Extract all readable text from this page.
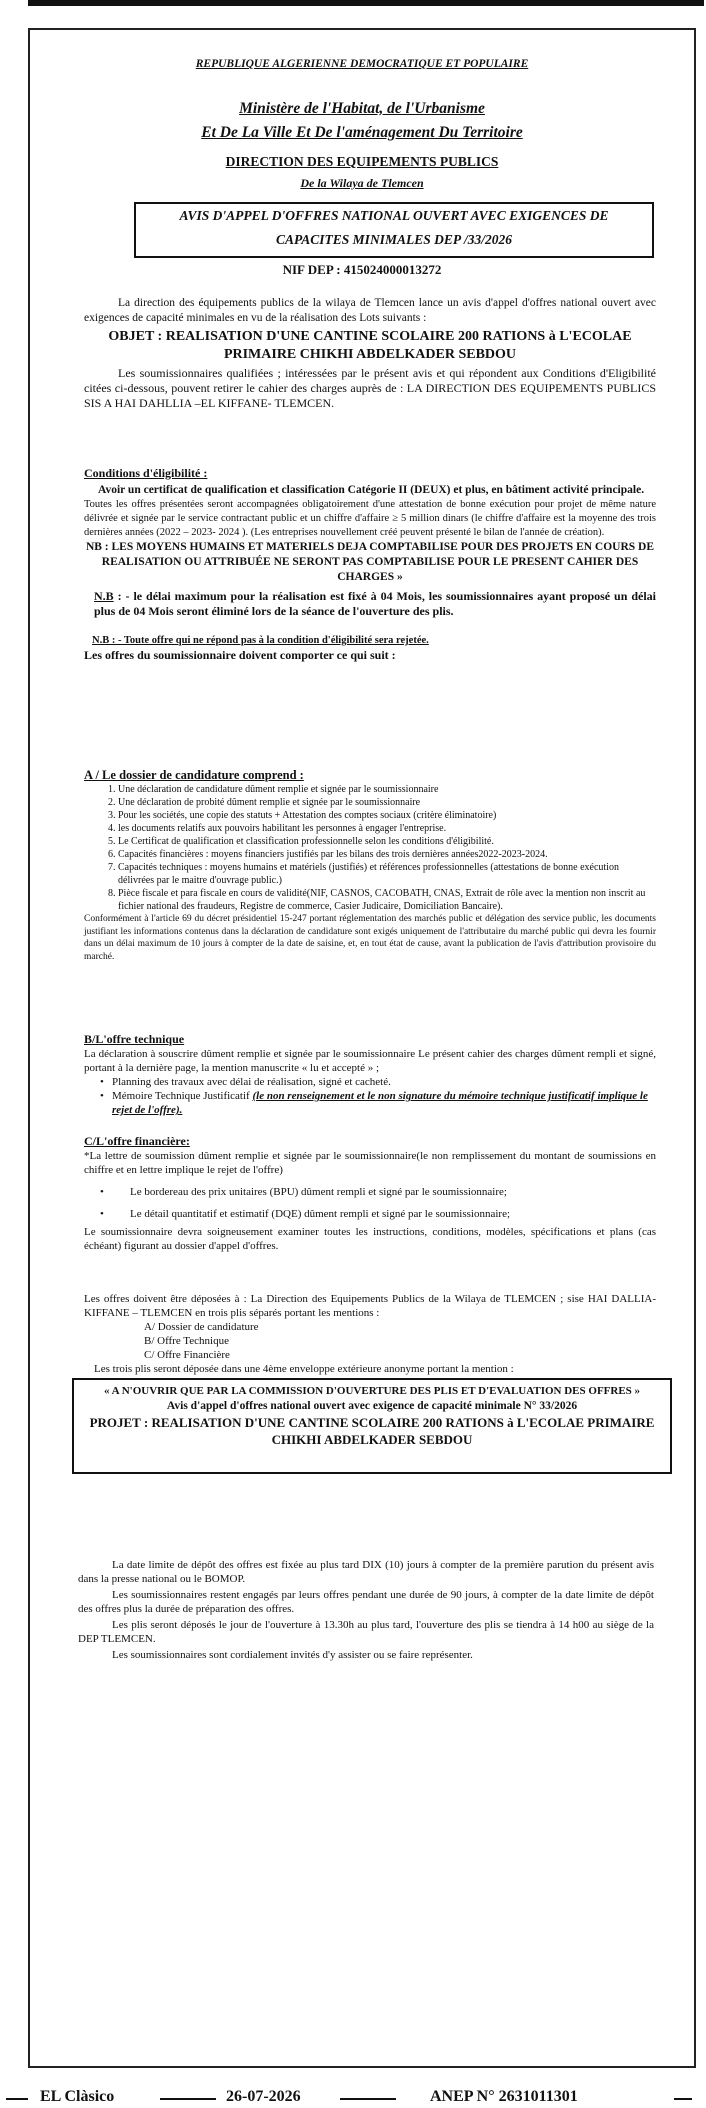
REPUBLIQUE ALGERIENNE DEMOCRATIQUE ET POPULAIRE
Ministère de l'Habitat, de l'Urbanisme
Et De La Ville Et De l'aménagement Du Territoire
DIRECTION DES EQUIPEMENTS PUBLICS
De la Wilaya de Tlemcen
AVIS D'APPEL D'OFFRES NATIONAL OUVERT AVEC EXIGENCES DE
CAPACITES MINIMALES DEP /33/2026
NIF DEP : 415024000013272
La direction des équipements publics de la wilaya de Tlemcen lance un avis d'appel d'offres national ouvert avec exigences de capacité minimales en vu de la réalisation des Lots suivants :
OBJET : REALISATION D'UNE CANTINE SCOLAIRE 200 RATIONS à L'ECOLAE PRIMAIRE CHIKHI ABDELKADER SEBDOU
Les soumissionnaires qualifiées ; intéressées par le présent avis et qui répondent aux Conditions d'Eligibilité citées ci-dessous, pouvent retirer le cahier des charges auprès de : LA DIRECTION DES EQUIPEMENTS PUBLICS SIS A HAI DAHLLIA –EL KIFFANE- TLEMCEN.
Conditions d'éligibilité :
Avoir un certificat de qualification et classification Catégorie II (DEUX) et plus, en bâtiment activité principale.
Toutes les offres présentées seront accompagnées obligatoirement d'une attestation de bonne exécution pour projet de même nature délivrée et signée par le service contractant public et un chiffre d'affaire ≥ 5 million dinars (le chiffre d'affaire est la moyenne des trois dernières années (2022 – 2023- 2024 ). (Les entreprises nouvellement créé peuvent présenté le bilan de l'année de création).
NB : LES MOYENS HUMAINS ET MATERIELS DEJA COMPTABILISE POUR DES PROJETS EN COURS DE REALISATION OU ATTRIBUÉE NE SERONT PAS COMPTABILISE POUR LE PRESENT CAHIER DES CHARGES »
N.B : - le délai maximum pour la réalisation est fixé à 04 Mois, les soumissionnaires ayant proposé un délai plus de 04 Mois seront éliminé lors de la séance de l'ouverture des plis.
N.B : - Toute offre qui ne répond pas à la condition d'éligibilité sera rejetée.
Les offres du soumissionnaire doivent comporter ce qui suit :
A / Le dossier de candidature comprend :
1. Une déclaration de candidature dûment remplie et signée par le soumissionnaire
2. Une déclaration de probité dûment remplie et signée par le soumissionnaire
3. Pour les sociétés, une copie des statuts + Attestation des comptes sociaux (critère éliminatoire)
4. les documents relatifs aux pouvoirs habilitant les personnes à engager l'entreprise.
5. Le Certificat de qualification et classification professionnelle selon les conditions d'éligibilité.
6. Capacités financières : moyens financiers justifiés par les bilans des trois dernières années2022-2023-2024.
7. Capacités techniques : moyens humains et matériels (justifiés) et références professionnelles (attestations de bonne exécution délivrées par le maitre d'ouvrage public.)
8. Pièce fiscale et para fiscale en cours de validité(NIF, CASNOS, CACOBATH, CNAS, Extrait de rôle avec la mention non inscrit au fichier national des fraudeurs, Registre de commerce, Casier Judicaire, Domiciliation Bancaire).
Conformément à l'article 69 du décret présidentiel 15-247 portant réglementation des marchés public et délégation des service public, les documents justifiant les informations contenus dans la déclaration de candidature sont exigés uniquement de l'attributaire du marché public qui devra les fournir dans un délai maximum de 10 jours à compter de la date de saisine, et, en tout état de cause, avant la publication de l'avis d'attribution provisoire du marché.
B/L'offre technique
La déclaration à souscrire dûment remplie et signée par le soumissionnaire Le présent cahier des charges dûment rempli et signé, portant à la dernière page, la mention manuscrite « lu et accepté » ;
• Planning des travaux avec délai de réalisation, signé et cacheté.
• Mémoire Technique Justificatif (le non renseignement et le non signature du mémoire technique justificatif implique le rejet de l'offre).
C/L'offre financière:
*La lettre de soumission dûment remplie et signée par le soumissionnaire(le non remplissement du montant de soumissions en chiffre et en lettre implique le rejet de l'offre)
• Le bordereau des prix unitaires (BPU) dûment rempli et signé par le soumissionnaire;
• Le détail quantitatif et estimatif (DQE) dûment rempli et signé par le soumissionnaire;
Le soumissionnaire devra soigneusement examiner toutes les instructions, conditions, modèles, spécifications et plans (cas échéant) figurant au dossier d'appel d'offres.
Les offres doivent être déposées à : La Direction des Equipements Publics de la Wilaya de TLEMCEN ; sise HAI DALLIA- KIFFANE – TLEMCEN en trois plis séparés portant les mentions :
A/ Dossier de candidature
B/ Offre Technique
C/ Offre Financière
Les trois plis seront déposée dans une 4ème enveloppe extérieure anonyme portant la mention :
« A N'OUVRIR QUE PAR LA COMMISSION D'OUVERTURE DES PLIS ET D'EVALUATION DES OFFRES »
Avis d'appel d'offres national ouvert avec exigence de capacité minimale N° 33/2026
PROJET : REALISATION D'UNE CANTINE SCOLAIRE 200 RATIONS à L'ECOLAE PRIMAIRE CHIKHI ABDELKADER SEBDOU
La date limite de dépôt des offres est fixée au plus tard DIX (10) jours à compter de la première parution du présent avis dans la presse national ou le BOMOP.
Les soumissionnaires restent engagés par leurs offres pendant une durée de 90 jours, à compter de la date limite de dépôt des offres plus la durée de préparation des offres.
Les plis seront déposés le jour de l'ouverture à 13.30h au plus tard, l'ouverture des plis se tiendra à 14 h00 au siège de la DEP TLEMCEN.
Les soumissionnaires sont cordialement invités d'y assister ou se faire représenter.
EL Clàsico	26-07-2026	ANEP N° 2631011301
